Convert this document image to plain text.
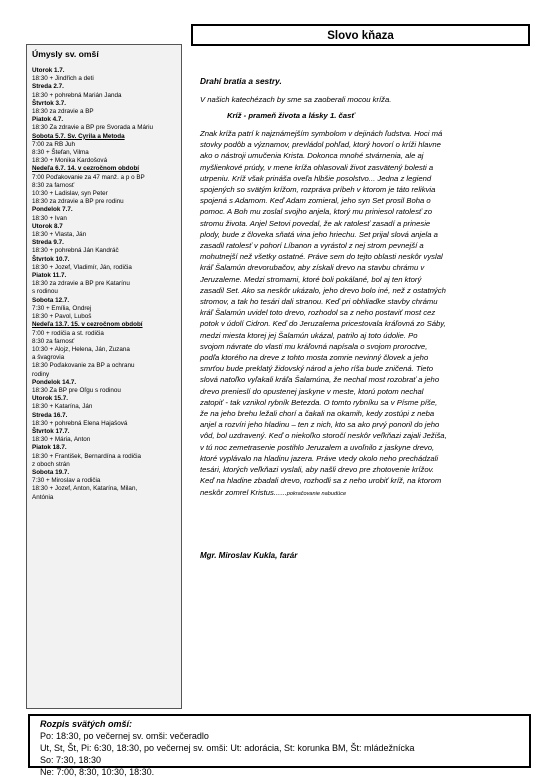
Úmysly sv. omší
Utorok 1.7.
18:30 + Jindřich a deti
Streda 2.7.
18:30 + pohrebná Marián Janda
Štvrtok 3.7.
18:30 za zdravie a BP
Piatok 4.7.
18:30 Za zdravie a BP pre Svorada a Máriu
Sobota 5.7. Sv. Cyrila a Metoda
7:00 za RB Juh
8:30 + Štefan, Vilma
18:30 + Monika Kardošová
Nedeľa 6.7. 14. v cezročnom období
7:00 Poďakovanie za 47 manž. a p o BP
8:30 za farnosť
10:30 + Ladislav, syn Peter
18:30 za zdravie a BP pre rodinu
Pondelok 7.7.
18:30 + Ivan
Utorok 8.7
18:30 + Vlasta, Ján
Streda 9.7.
18:30 + pohrebná Ján Kandráč
Štvrtok 10.7.
18:30 + Jozef, Vladimír, Ján, rodičia
Piatok 11.7.
18:30 za zdravie a BP pre Katarínu
s rodinou
Sobota 12.7.
7:30 + Emília, Ondrej
18:30 + Pavol, Luboš
Nedeľa 13.7. 15. v cezročnom období
7:00 + rodičia a st. rodičia
8:30 za farnosť
10:30 + Alojz, Helena, Ján, Zuzana
a švagrovia
18:30 Poďakovanie za BP a ochranu
rodiny
Pondelok 14.7.
18:30 Za BP pre Oľgu s rodinou
Utorok 15.7.
18:30 + Katarína, Ján
Streda 16.7.
18:30 + pohrebná Elena Hajašová
Štvrtok 17.7.
18:30 + Mária, Anton
Piatok 18.7.
18:30 + František, Bernardína a rodičia
z oboch strán
Sobota 19.7.
7:30 + Miroslav a rodičia
18:30 + Jozef, Anton, Katarína, Milan,
Antónia
Slovo kňaza
Drahí bratia a sestry.
V našich katechézach by sme sa zaoberali mocou kríža.
Kríž - prameň života a lásky 1. časť
Znak kríža patrí k najznámejším symbolom v dejinách ľudstva. Hoci má
stovky podôb a významov, prevládol pohľad, ktorý hovorí o kríži hlavne
ako o nástroji umučenia Krista. Dokonca mnohé stvárnenia, ale aj
myšlienkové prúdy, v mene kríža ohlasovali život zasvätený bolesti a
utrpeniu. Kríž však prináša oveľa hlbšie posolstvo... Jedna z legiend
spojených so svätým krížom, rozpráva príbeh v ktorom je táto relikvia
spojená s Adamom. Keď Adam zomieral, jeho syn Set prosil Boha o
pomoc. A Boh mu zoslal svojho anjela, ktorý mu priniesol ratolesť zo
stromu života. Anjel Setovi povedal, že ak ratolesť zasadí a prinesie
plody, bude z človeka sňatá vina jeho hriechu. Set prijal slová anjela a
zasadil ratolesť v pohorí Líbanon a vyrástol z nej strom pevnejší a
mohutnejší než všetky ostatné. Práve sem do tejto oblasti neskôr vyslal
kráľ Šalamún drevorubačov, aby získali drevo na stavbu chrámu v
Jeruzaleme. Medzi stromami, ktoré boli pokálané, bol aj ten ktorý
zasadil Set. Ako sa neskôr ukázalo, jeho drevo bolo iné, než z ostatných
stromov, a tak ho tesári dali stranou. Keď pri obhliadke stavby chrámu
kráľ Šalamún uvidel toto drevo, rozhodol sa z neho postaviť most cez
potok v údolí Cidron. Keď do Jeruzalema pricestovala kráľovná zo Sáby,
medzi miesta ktorej jej Šalamún ukázal, patrilo aj toto údolie. Po
svojom návrate do vlasti mu kráľovná napísala o svojom proroctve,
podľa ktorého na dreve z tohto mosta zomrie nevinný človek a jeho
smrťou bude preklatý židovský národ a jeho ríša bude zničená. Tieto
slová natoľko vyľakali kráľa Šalamúna, že nechal most rozobrať a jeho
drevo prenieslí do opustenej jaskyne v meste, ktorú potom nechal
zatopiť - tak vznikol rybník Betezda. O tomto rybníku sa v Písme píše,
že na jeho brehu ležali chorí a čakali na okamih, kedy zostúpi z neba
anjel a rozvíri jeho hladinu – ten z nich, kto sa ako prvý ponoril do jeho
vôd, bol uzdravený. Keď o niekoľko storočí neskôr veľkňazi zajali Ježiša,
v tú noc zemetrasenie postihlo Jeruzalem a uvoľnilo z jaskyne drevo,
ktoré vyplávalo na hladinu jazera. Práve vtedy okolo neho prechádzali
tesári, ktorých veľkňazi vyslali, aby našli drevo pre zhotovenie krížov.
Keď na hladine zbadali drevo, rozhodli sa z neho urobiť kríž, na ktorom
neskôr zomrel Kristus......pokračovanie nabudúce
Mgr. Miroslav Kukla, farár
Rozpis svätých omší:
Po: 18:30, po večernej sv. omši: večeradlo
Ut, St, Št, Pi: 6:30, 18:30, po večernej sv. omši: Ut: adorácia, St: korunka BM, Št: mládežnícka
So: 7:30, 18:30
Ne: 7:00, 8:30, 10:30, 18:30.
